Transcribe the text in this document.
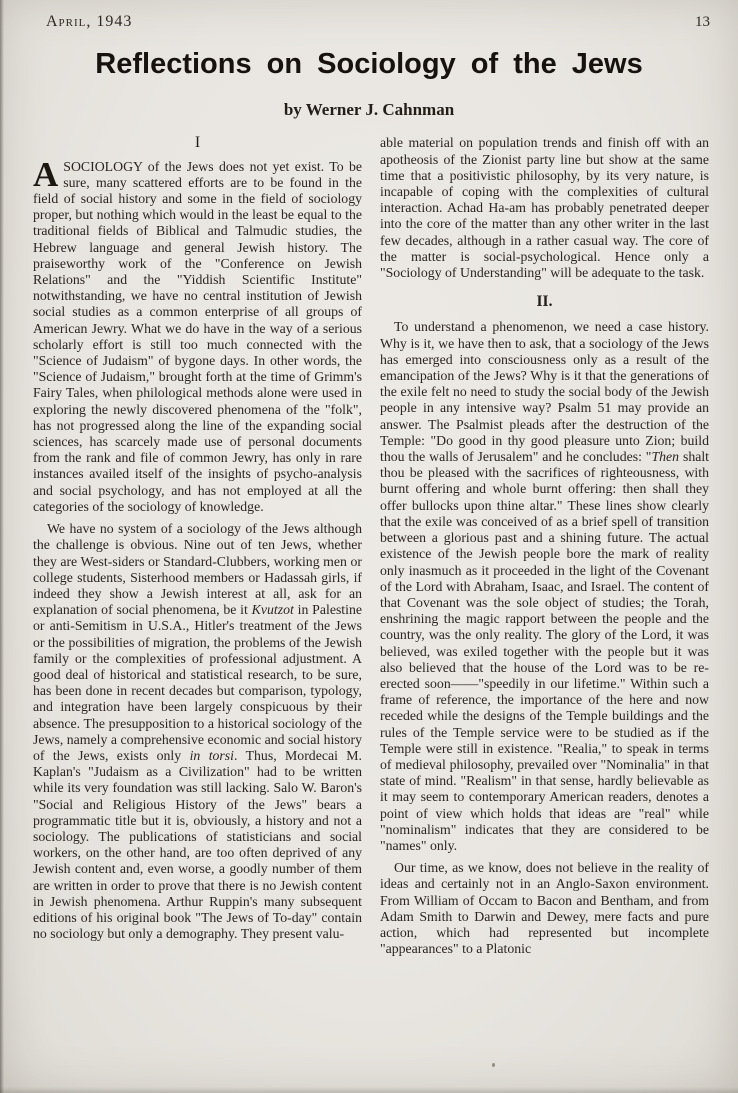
April, 1943	13
Reflections on Sociology of the Jews
by Werner J. Cahnman
I

ASOCIOLOGY of the Jews does not yet exist. To be sure, many scattered efforts are to be found in the field of social history and some in the field of sociology proper, but nothing which would in the least be equal to the traditional fields of Biblical and Talmudic studies, the Hebrew language and general Jewish history. The praiseworthy work of the "Conference on Jewish Relations" and the "Yiddish Scientific Institute" notwithstanding, we have no central institution of Jewish social studies as a common enterprise of all groups of American Jewry. What we do have in the way of a serious scholarly effort is still too much connected with the "Science of Judaism" of bygone days. In other words, the "Science of Judaism," brought forth at the time of Grimm's Fairy Tales, when philological methods alone were used in exploring the newly discovered phenomena of the "folk", has not progressed along the line of the expanding social sciences, has scarcely made use of personal documents from the rank and file of common Jewry, has only in rare instances availed itself of the insights of psycho-analysis and social psychology, and has not employed at all the categories of the sociology of knowledge.

We have no system of a sociology of the Jews although the challenge is obvious. Nine out of ten Jews, whether they are West-siders or Standard-Clubbers, working men or college students, Sisterhood members or Hadassah girls, if indeed they show a Jewish interest at all, ask for an explanation of social phenomena, be it Kvutzot in Palestine or anti-Semitism in U.S.A., Hitler's treatment of the Jews or the possibilities of migration, the problems of the Jewish family or the complexities of professional adjustment. A good deal of historical and statistical research, to be sure, has been done in recent decades but comparison, typology, and integration have been largely conspicuous by their absence. The presupposition to a historical sociology of the Jews, namely a comprehensive economic and social history of the Jews, exists only in torsi. Thus, Mordecai M. Kaplan's "Judaism as a Civilization" had to be written while its very foundation was still lacking. Salo W. Baron's "Social and Religious History of the Jews" bears a programmatic title but it is, obviously, a history and not a sociology. The publications of statisticians and social workers, on the other hand, are too often deprived of any Jewish content and, even worse, a goodly number of them are written in order to prove that there is no Jewish content in Jewish phenomena. Arthur Ruppin's many subsequent editions of his original book "The Jews of To-day" contain no sociology but only a demography. They present valu-

able material on population trends and finish off with an apotheosis of the Zionist party line but show at the same time that a positivistic philosophy, by its very nature, is incapable of coping with the complexities of cultural interaction. Achad Ha-am has probably penetrated deeper into the core of the matter than any other writer in the last few decades, although in a rather casual way. The core of the matter is social-psychological. Hence only a "Sociology of Understanding" will be adequate to the task.

II.

To understand a phenomenon, we need a case history. Why is it, we have then to ask, that a sociology of the Jews has emerged into consciousness only as a result of the emancipation of the Jews? Why is it that the generations of the exile felt no need to study the social body of the Jewish people in any intensive way? Psalm 51 may provide an answer. The Psalmist pleads after the destruction of the Temple: "Do good in thy good pleasure unto Zion; build thou the walls of Jerusalem" and he concludes: "Then shalt thou be pleased with the sacrifices of righteousness, with burnt offering and whole burnt offering: then shall they offer bullocks upon thine altar." These lines show clearly that the exile was conceived of as a brief spell of transition between a glorious past and a shining future. The actual existence of the Jewish people bore the mark of reality only inasmuch as it proceeded in the light of the Covenant of the Lord with Abraham, Isaac, and Israel. The content of that Covenant was the sole object of studies; the Torah, enshrining the magic rapport between the people and the country, was the only reality. The glory of the Lord, it was believed, was exiled together with the people but it was also believed that the house of the Lord was to be re-erected soon——"speedily in our lifetime." Within such a frame of reference, the importance of the here and now receded while the designs of the Temple buildings and the rules of the Temple service were to be studied as if the Temple were still in existence. "Realia," to speak in terms of medieval philosophy, prevailed over "Nominalia" in that state of mind. "Realism" in that sense, hardly believable as it may seem to contemporary American readers, denotes a point of view which holds that ideas are "real" while "nominalism" indicates that they are considered to be "names" only.

Our time, as we know, does not believe in the reality of ideas and certainly not in an Anglo-Saxon environment. From William of Occam to Bacon and Bentham, and from Adam Smith to Darwin and Dewey, mere facts and pure action, which had represented but incomplete "appearances" to a Platonic
